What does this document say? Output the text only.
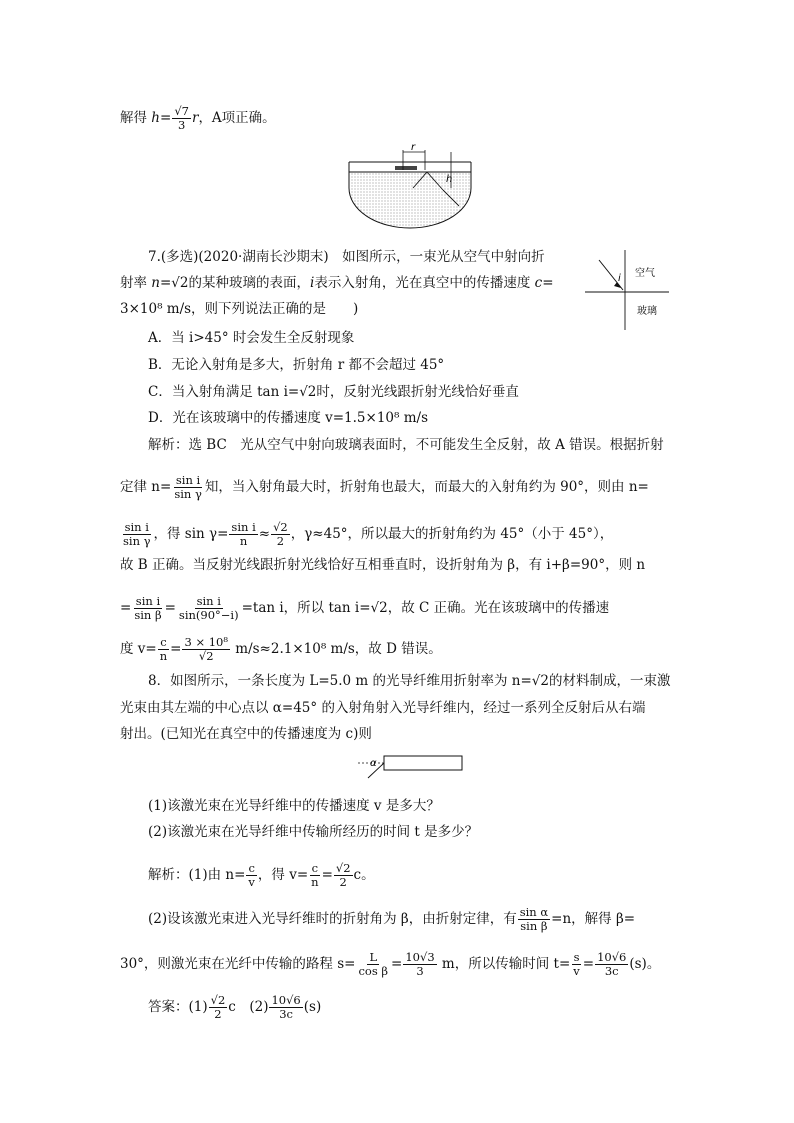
解得 $h= \frac{√7}{3}$ r，A项正确。
r
h
7.(多选)(2020·湖南长沙期末)　如图所示，一束光从空气中射向折
射率 n=√2的某种玻璃的表面，i表示入射角，光在真空中的传播速度 c=
3×10⁸ m/s，则下列说法正确的是　　)
i 空气
玻璃
A．当 i>45° 时会发生全反射现象
B．无论入射角是多大，折射角 r 都不会超过 45°
C．当入射角满足 tan i=√2时，反射光线跟折射光线恰好垂直
D．光在该玻璃中的传播速度 v=1.5×10⁸ m/s
解析：选 BC　光从空气中射向玻璃表面时，不可能发生全反射，故 A 错误。根据折射
定律 $n= \frac{\text{sin i}}{\text{sin γ}}$ 知，当入射角最大时，折射角也最大，而最大的入射角约为 90°，则由 n=
$\frac{\text{sin i}}{\text{sin γ}}$ ，得 $\sin \gamma= \frac{\text{sin i}}{n} \approx \frac{√2}{2}$ ，γ≈45°，所以最大的折射角约为 45°（小于 45°），
故 B 正确。当反射光线跟折射光线恰好互相垂直时，设折射角为 β，有 i+β=90°，则 n
= $\frac{\text{sin i}}{\text{sin β}} = \frac{\text{sin i}}{\sin(90^\circ-i)} =\tan$ i，所以 tan i=√2，故 C 正确。光在该玻璃中的传播速
度 $v= \frac{c}{n} = \frac{\text{3 × 10⁸}}{√2} m/s\approx 2.1\times 10^8$ m/s，故 D 错误。
8．如图所示，一条长度为 L=5.0 m 的光导纤维用折射率为 n=√2的材料制成，一束激
光束由其左端的中心点以 α=45° 的入射角射入光导纤维内，经过一系列全反射后从右端
射出。(已知光在真空中的传播速度为 c)则
α
(1)该激光束在光导纤维中的传播速度 v 是多大？
(2)该激光束在光导纤维中传输所经历的时间 t 是多少？
解析：(1)由 $n= \frac{c}{v}$ ，得 $v= \frac{c}{n} = \frac{√2}{2}$ c。
(2)设该激光束进入光导纤维时的折射角为 β，由折射定律，有 $\frac{\text{sin α}}{\text{sin β}} =n$，解得 β=
30°，则激光束在光纤中传输的路程 $s= \frac{L}{\text{cos β}} = \frac{10√3}{3}$ m，所以传输时间 $t= \frac{s}{v} = \frac{10√6}{3c} (s)$。
答案：$(1) \frac{√2}{2}$ c　$(2) \frac{10√6}{3c} (s)$
